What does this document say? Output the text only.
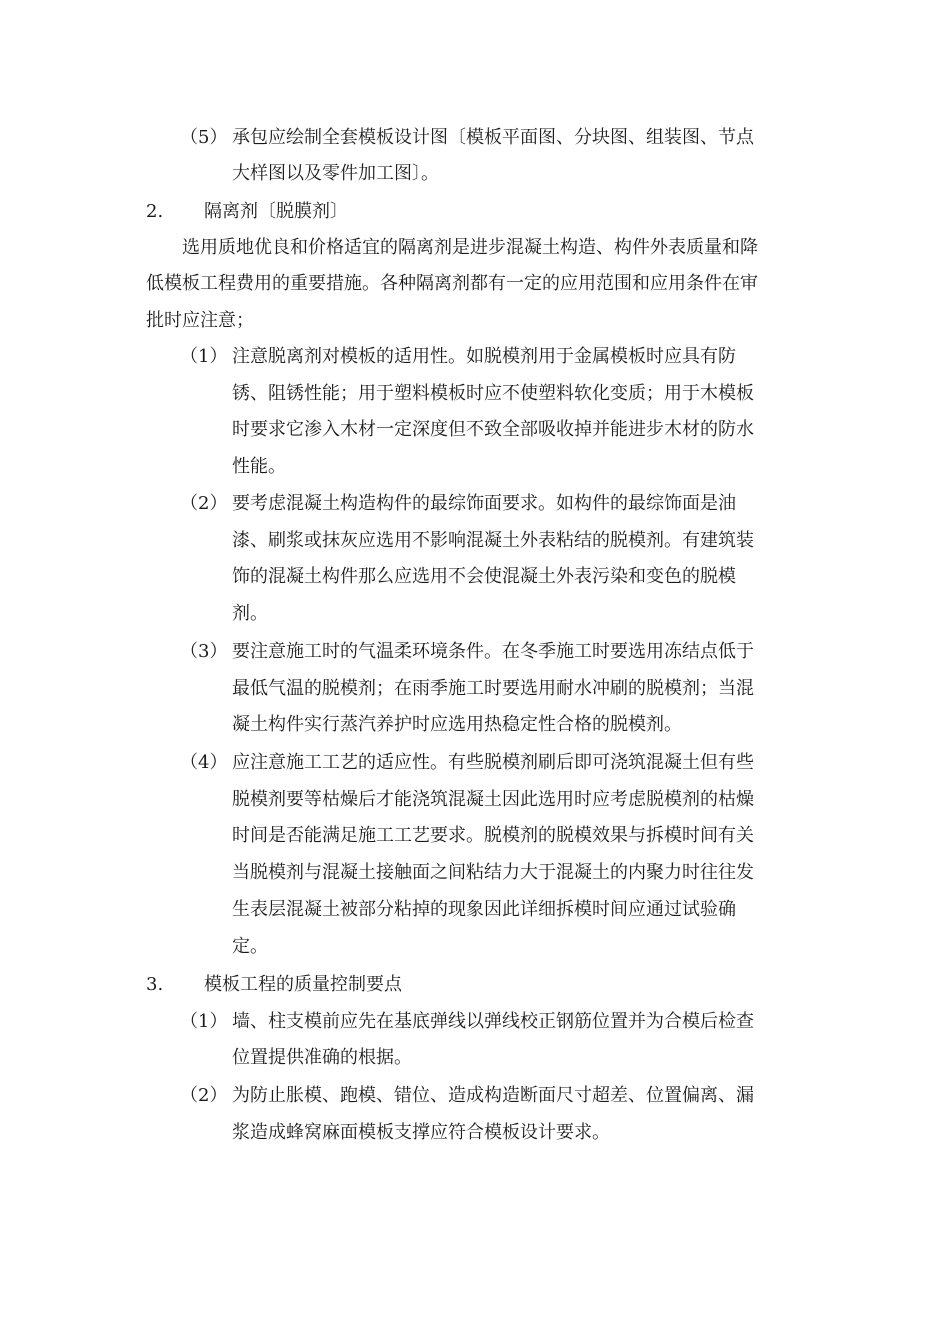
（5） 承包应绘制全套模板设计图〔模板平面图、分块图、组装图、节点
大样图以及零件加工图〕。
2. 隔离剂〔脱膜剂〕
选用质地优良和价格适宜的隔离剂是进步混凝土构造、构件外表质量和降
低模板工程费用的重要措施。各种隔离剂都有一定的应用范围和应用条件在审
批时应注意；
（1） 注意脱离剂对模板的适用性。如脱模剂用于金属模板时应具有防
锈、阻锈性能；用于塑料模板时应不使塑料软化变质；用于木模板
时要求它渗入木材一定深度但不致全部吸收掉并能进步木材的防水
性能。
（2） 要考虑混凝土构造构件的最综饰面要求。如构件的最综饰面是油
漆、刷浆或抹灰应选用不影响混凝土外表粘结的脱模剂。有建筑装
饰的混凝土构件那么应选用不会使混凝土外表污染和变色的脱模
剂。
（3） 要注意施工时的气温柔环境条件。在冬季施工时要选用冻结点低于
最低气温的脱模剂；在雨季施工时要选用耐水冲刷的脱模剂；当混
凝土构件实行蒸汽养护时应选用热稳定性合格的脱模剂。
（4） 应注意施工工艺的适应性。有些脱模剂刷后即可浇筑混凝土但有些
脱模剂要等枯燥后才能浇筑混凝土因此选用时应考虑脱模剂的枯燥
时间是否能满足施工工艺要求。脱模剂的脱模效果与拆模时间有关
当脱模剂与混凝土接触面之间粘结力大于混凝土的内聚力时往往发
生表层混凝土被部分粘掉的现象因此详细拆模时间应通过试验确
定。
3. 模板工程的质量控制要点
（1） 墙、柱支模前应先在基底弹线以弹线校正钢筋位置并为合模后检查
位置提供准确的根据。
（2） 为防止胀模、跑模、错位、造成构造断面尺寸超差、位置偏离、漏
浆造成蜂窝麻面模板支撑应符合模板设计要求。
